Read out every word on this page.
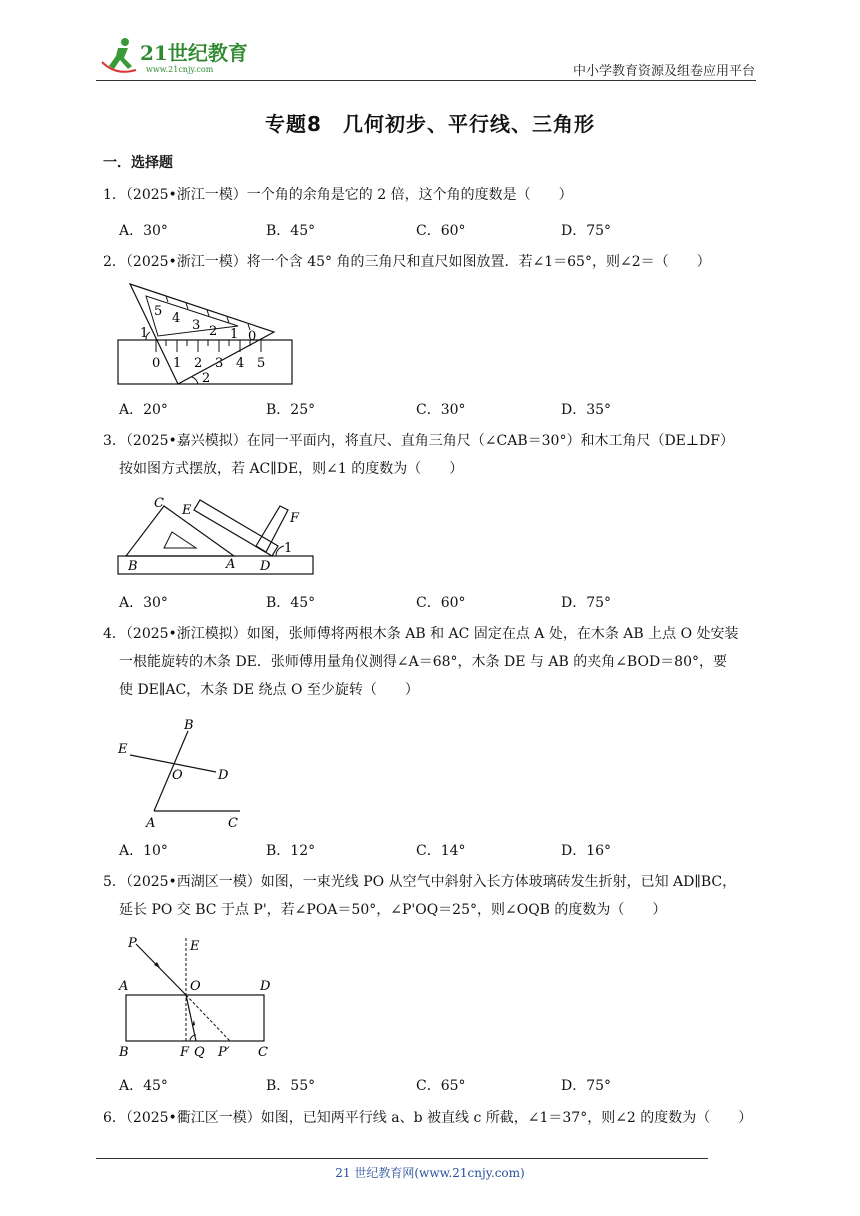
21世纪教育
www.21cnjy.com	中小学教育资源及组卷应用平台
专题8　几何初步、平行线、三角形
一．选择题
1．（2025•浙江一模）一个角的余角是它的 2 倍，这个角的度数是（　　）
A．30°	B．45°	C．60°	D．75°
2．（2025•浙江一模）将一个含 45° 角的三角尺和直尺如图放置．若∠1＝65°，则∠2＝（　　）
0 1 2 3 4 5
5 4 3 2 1 0
1
2
A．20°	B．25°	C．30°	D．35°
3．（2025•嘉兴模拟）在同一平面内，将直尺、直角三角尺（∠CAB＝30°）和木工角尺（DE⊥DF）
按如图方式摆放，若 AC∥DE，则∠1 的度数为（　　）
C E
F
B	A D
1
A．30°	B．45°	C．60°	D．75°
4．（2025•浙江模拟）如图，张师傅将两根木条 AB 和 AC 固定在点 A 处，在木条 AB 上点 O 处安装
一根能旋转的木条 DE．张师傅用量角仪测得∠A＝68°，木条 DE 与 AB 的夹角∠BOD＝80°，要
使 DE∥AC，木条 DE 绕点 O 至少旋转（　　）
B
E
O	D
A	C
A．10°	B．12°	C．14°	D．16°
5．（2025•西湖区一模）如图，一束光线 PO 从空气中斜射入长方体玻璃砖发生折射，已知 AD∥BC，
延长 PO 交 BC 于点 P'，若∠POA＝50°，∠P'OQ＝25°，则∠OQB 的度数为（　　）
P	E
A	O	D
B	F Q P′ C
A．45°	B．55°	C．65°	D．75°
6．（2025•衢江区一模）如图，已知两平行线 a、b 被直线 c 所截，∠1＝37°，则∠2 的度数为（　　）
21 世纪教育网(www.21cnjy.com)
